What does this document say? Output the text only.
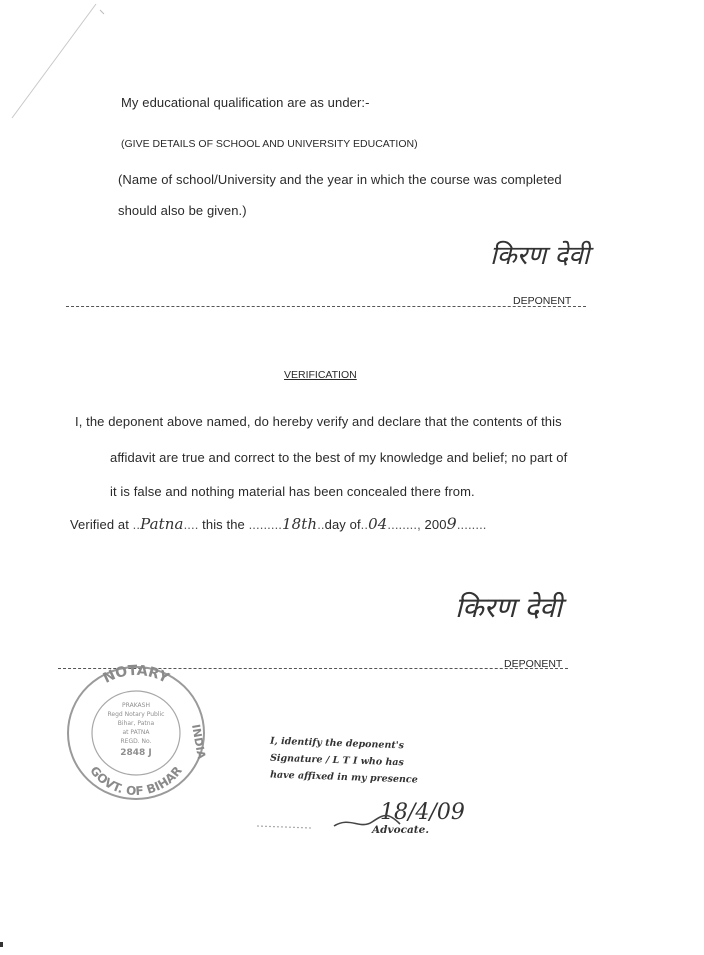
My educational qualification are as under:-
(GIVE DETAILS OF SCHOOL AND UNIVERSITY EDUCATION)
(Name of school/University and the year in which the course was completed
should also be given.)
किरण देवी
DEPONENT
VERIFICATION
I, the deponent above named, do hereby verify and declare that the contents of this
affidavit are true and correct to the best of my knowledge and belief; no part of
it is false and nothing material has been concealed there from.
Verified at ..Patna.... this the .........18th..day of..04........, 2009........
किरण देवी
DEPONENT
NOTARY
GOVT. OF BIHAR
INDIA
PRAKASH
Regd Notary Public
Bihar, Patna
at PATNA
REGD. No.
2848 J
I, identify the deponent's
Signature / L T I who has
have affixed in my presence
18/4/09
Advocate.
